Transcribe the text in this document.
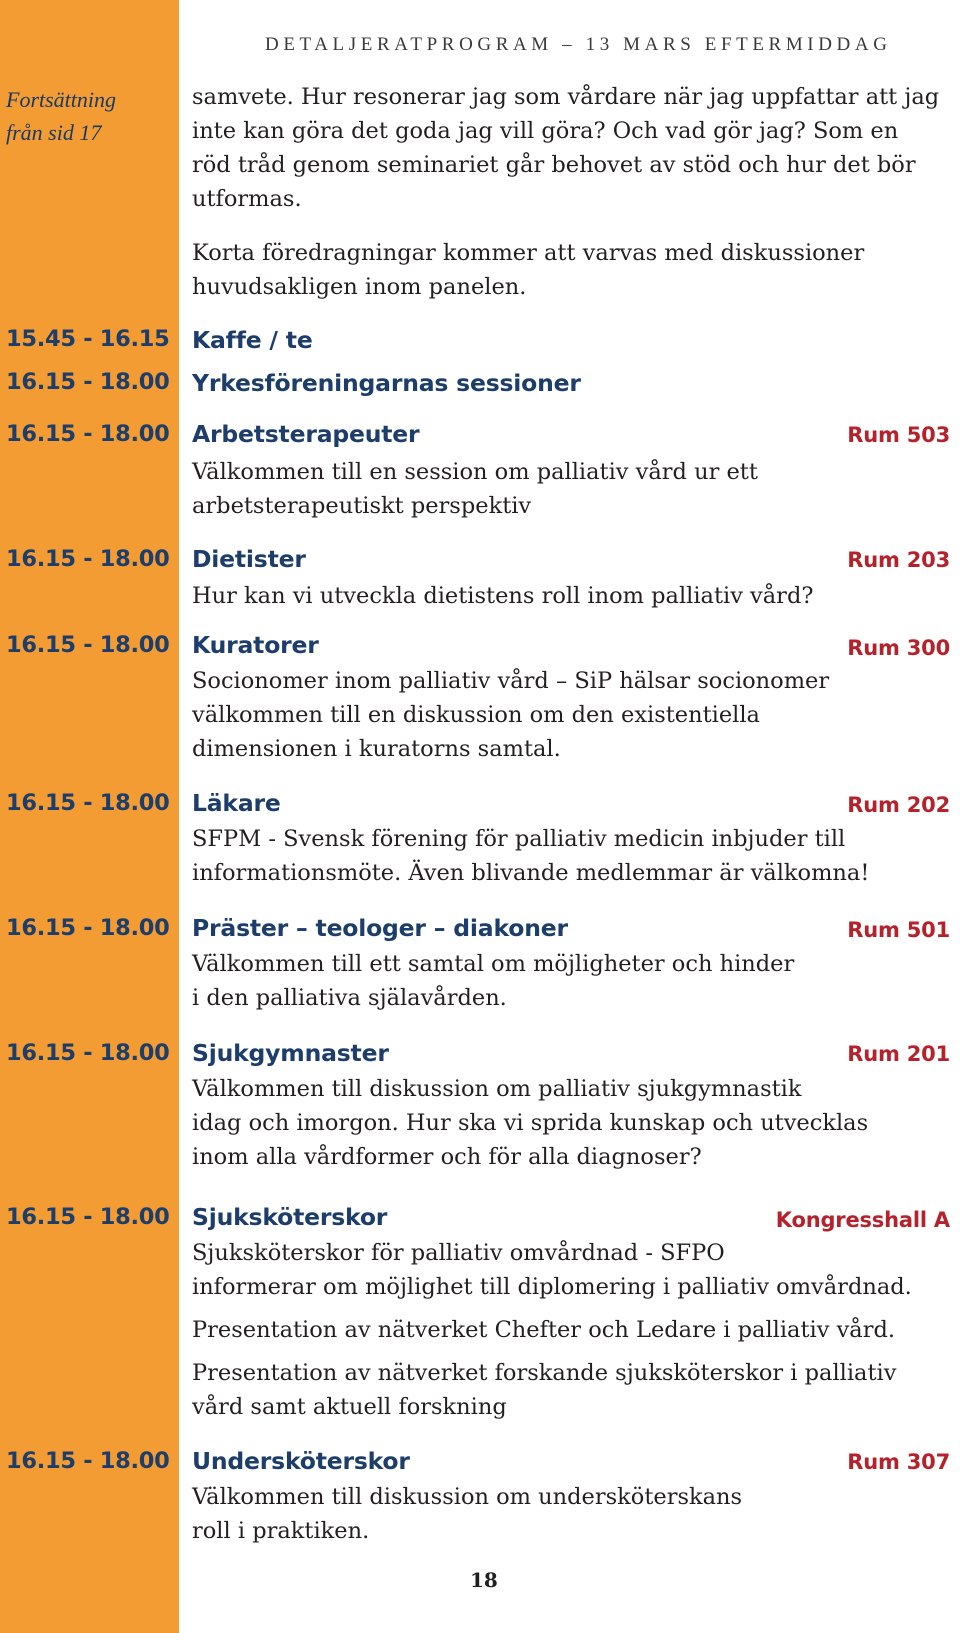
DETALJERATPROGRAM – 13 MARS EFTERMIDDAG
Fortsättning
från sid 17
samvete. Hur resonerar jag som vårdare när jag uppfattar att jag
inte kan göra det goda jag vill göra? Och vad gör jag? Som en
röd tråd genom seminariet går behovet av stöd och hur det bör
utformas.
Korta föredragningar kommer att varvas med diskussioner
huvudsakligen inom panelen.
15.45 - 16.15 Kaffe / te
16.15 - 18.00 Yrkesföreningarnas sessioner
16.15 - 18.00 Arbetsterapeuter	Rum 503
Välkommen till en session om palliativ vård ur ett
arbetsterapeutiskt perspektiv
16.15 - 18.00 Dietister	Rum 203
Hur kan vi utveckla dietistens roll inom palliativ vård?
16.15 - 18.00 Kuratorer	Rum 300
Socionomer inom palliativ vård – SiP hälsar socionomer
välkommen till en diskussion om den existentiella
dimensionen i kuratorns samtal.
16.15 - 18.00 Läkare	Rum 202
SFPM - Svensk förening för palliativ medicin inbjuder till
informationsmöte. Även blivande medlemmar är välkomna!
16.15 - 18.00 Präster – teologer – diakoner	Rum 501
Välkommen till ett samtal om möjligheter och hinder
i den palliativa själavården.
16.15 - 18.00 Sjukgymnaster	Rum 201
Välkommen till diskussion om palliativ sjukgymnastik
idag och imorgon. Hur ska vi sprida kunskap och utvecklas
inom alla vårdformer och för alla diagnoser?
16.15 - 18.00 Sjuksköterskor	Kongresshall A
Sjuksköterskor för palliativ omvårdnad - SFPO
informerar om möjlighet till diplomering i palliativ omvårdnad.
Presentation av nätverket Chefter och Ledare i palliativ vård.
Presentation av nätverket forskande sjuksköterskor i palliativ
vård samt aktuell forskning
16.15 - 18.00 Undersköterskor	Rum 307
Välkommen till diskussion om undersköterskans
roll i praktiken.
18
